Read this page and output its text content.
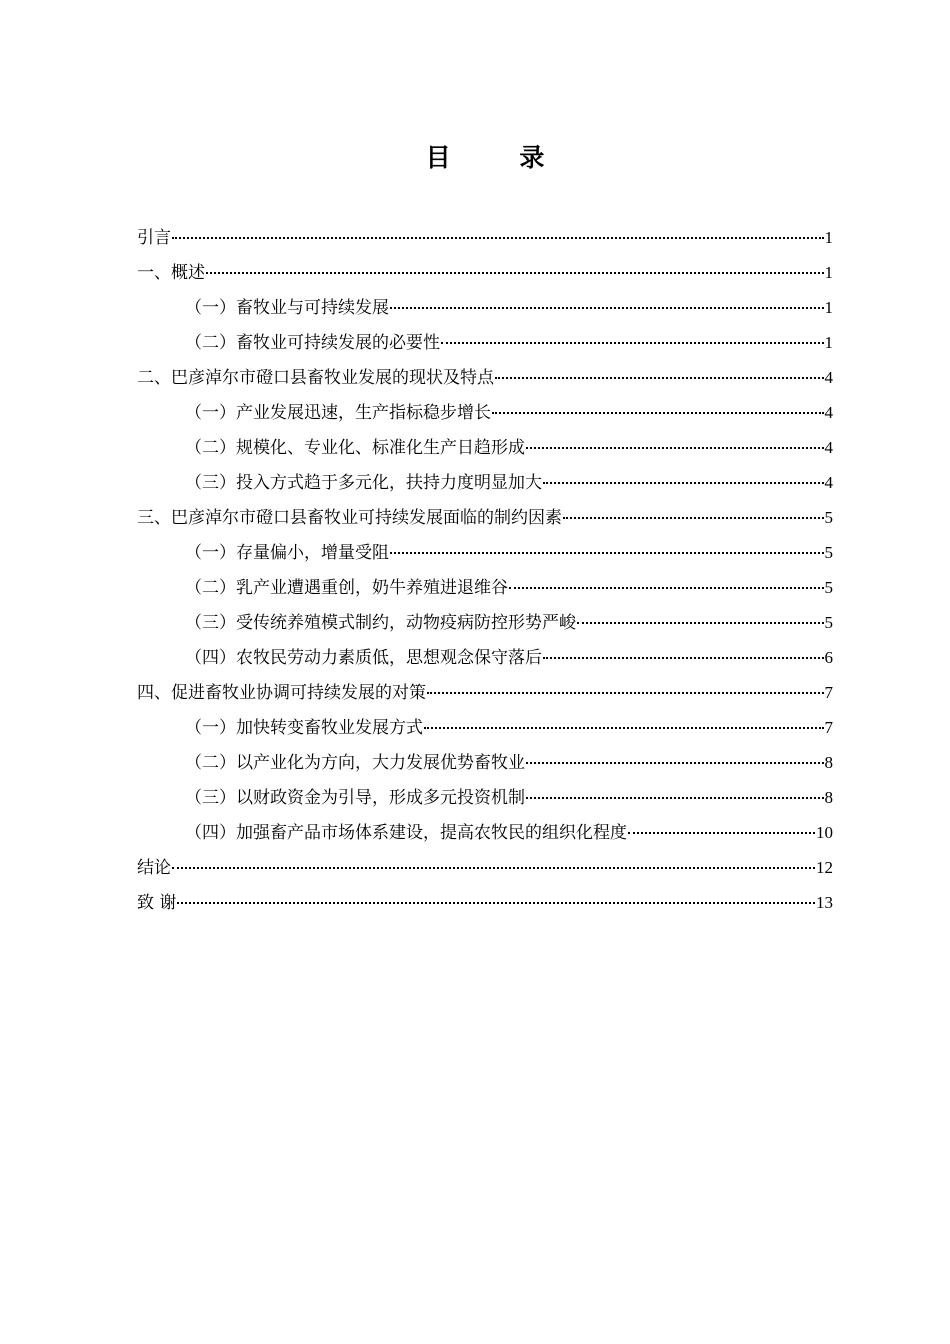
目 录
引言	1
一、概述	1
（一）畜牧业与可持续发展	1
（二）畜牧业可持续发展的必要性	1
二、巴彦淖尔市磴口县畜牧业发展的现状及特点	4
（一）产业发展迅速，生产指标稳步增长	4
（二）规模化、专业化、标准化生产日趋形成	4
（三）投入方式趋于多元化，扶持力度明显加大	4
三、巴彦淖尔市磴口县畜牧业可持续发展面临的制约因素	5
（一）存量偏小，增量受阻	5
（二）乳产业遭遇重创，奶牛养殖进退维谷	5
（三）受传统养殖模式制约，动物疫病防控形势严峻	5
（四）农牧民劳动力素质低，思想观念保守落后	6
四、促进畜牧业协调可持续发展的对策	7
（一）加快转变畜牧业发展方式	7
（二）以产业化为方向，大力发展优势畜牧业	8
（三）以财政资金为引导，形成多元投资机制	8
（四）加强畜产品市场体系建设，提高农牧民的组织化程度	10
结论	12
致 谢	13
